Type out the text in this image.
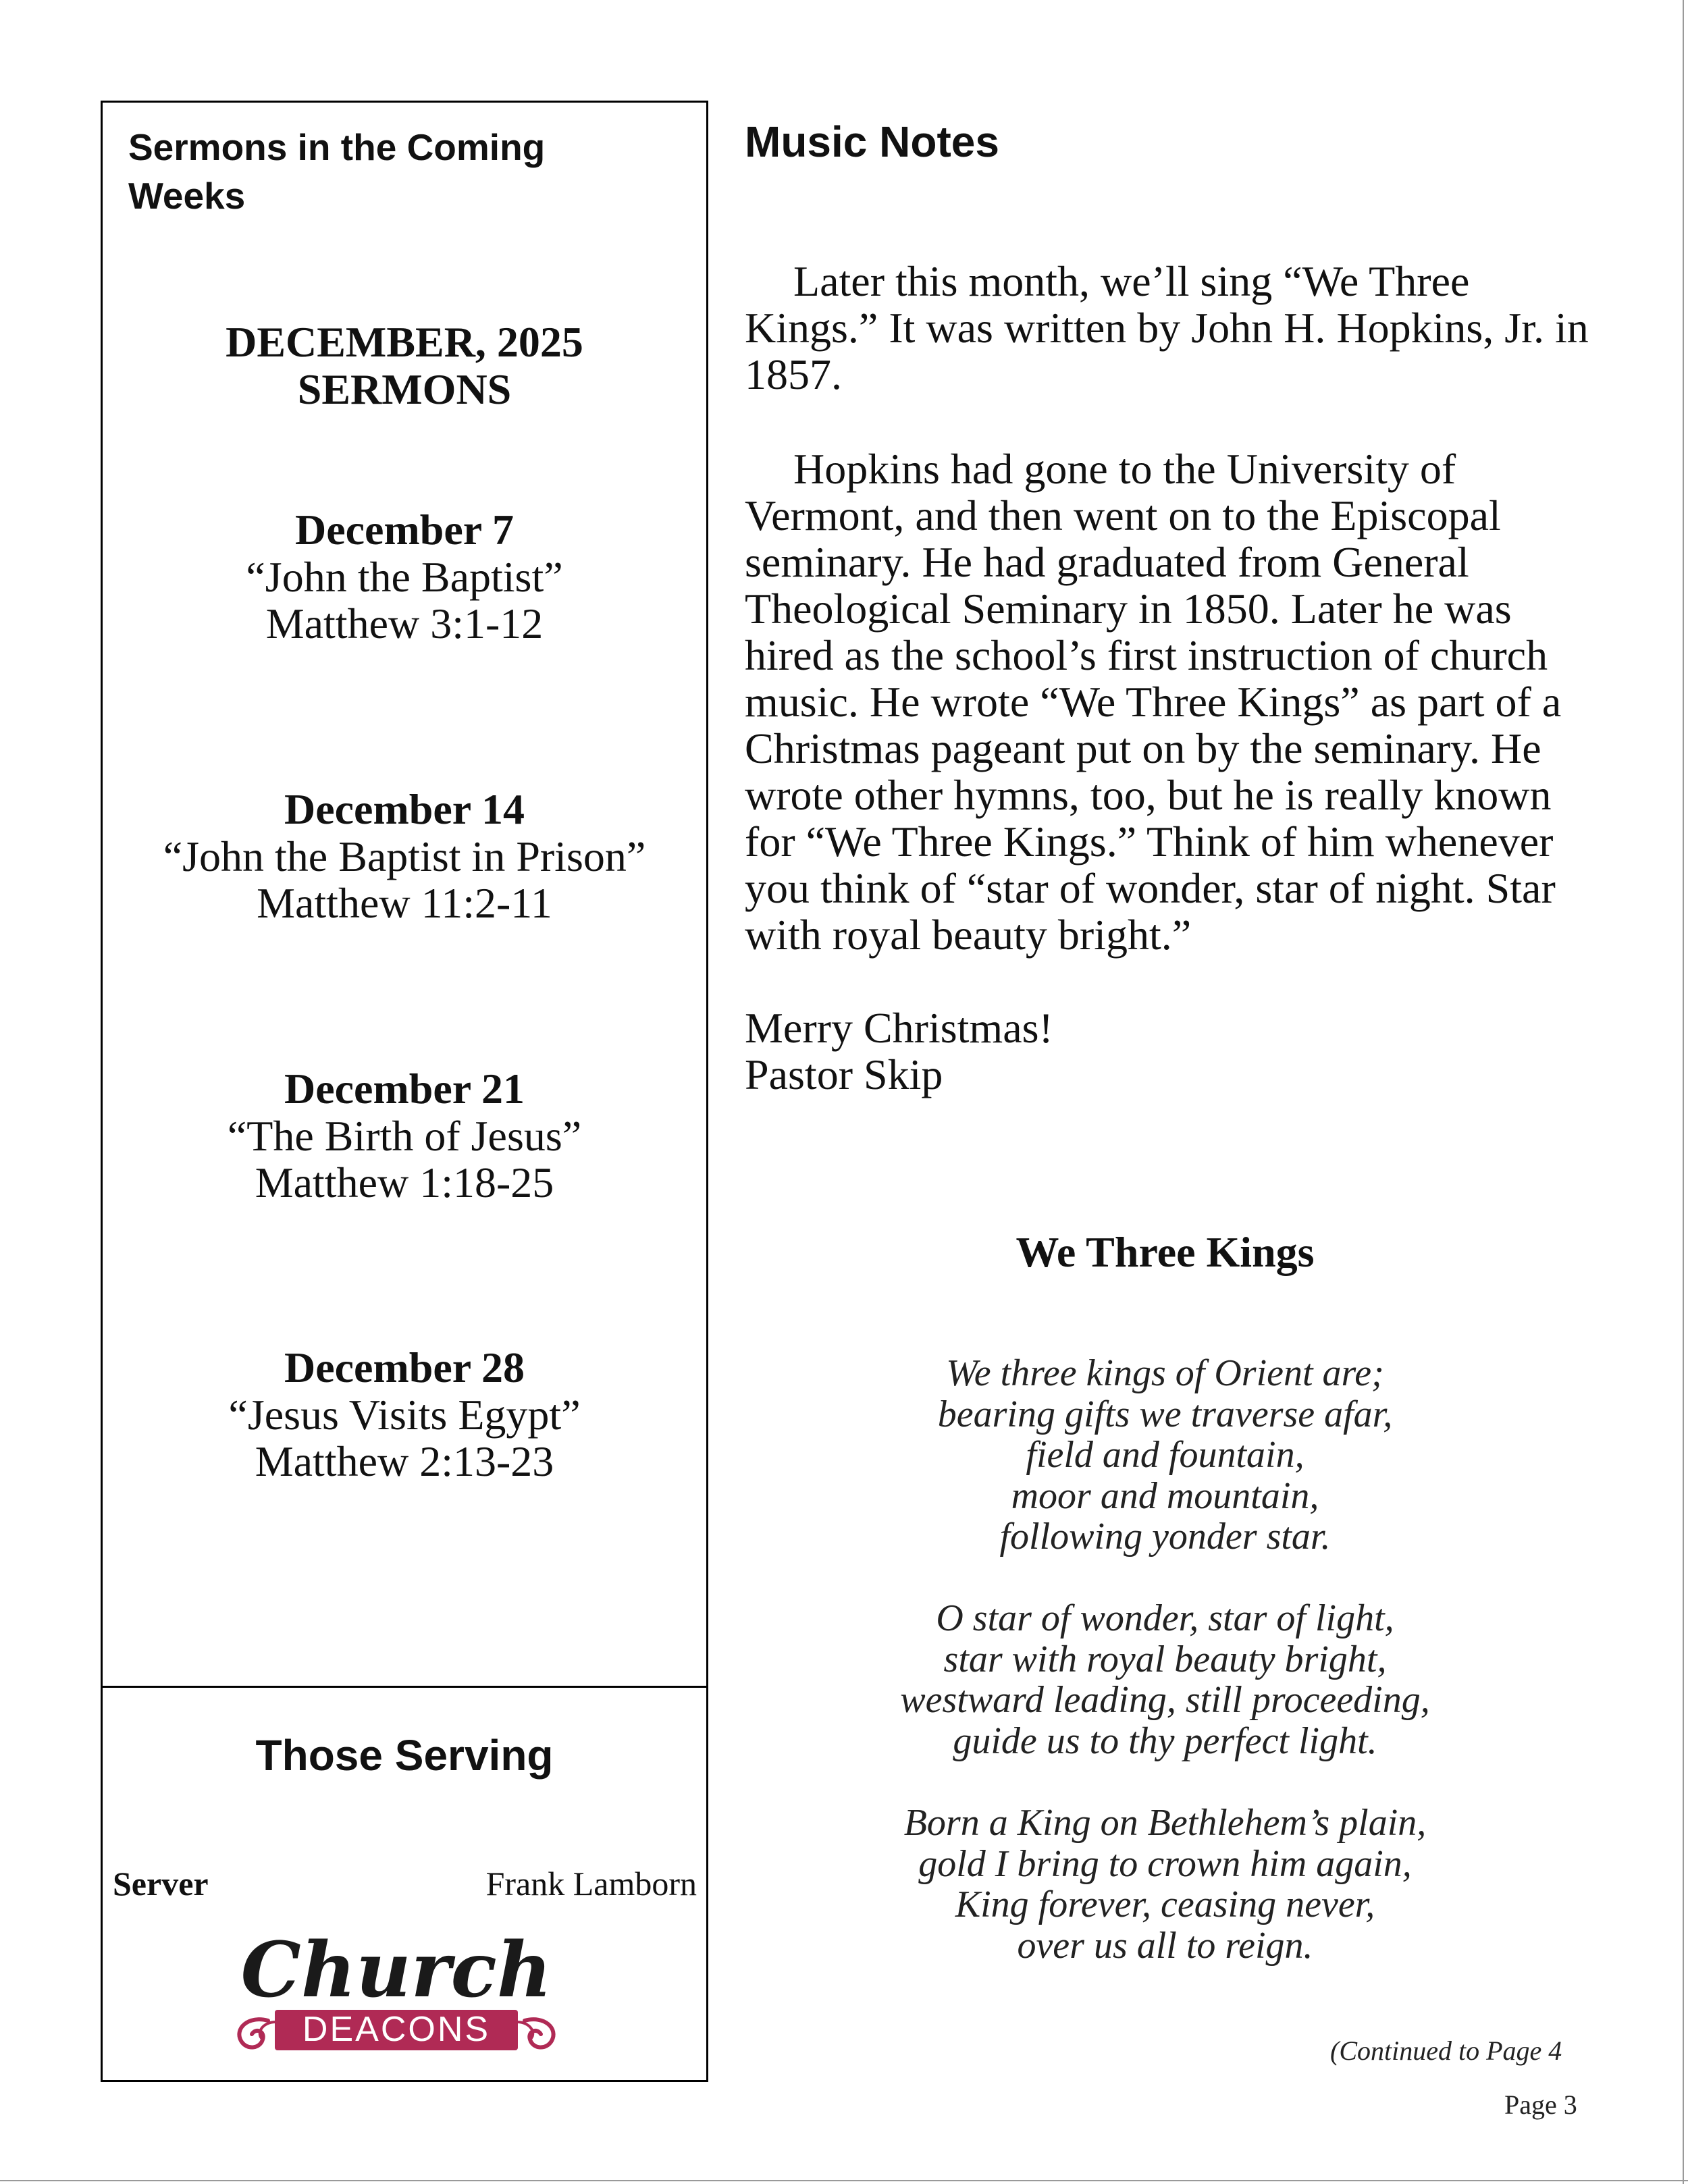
Sermons in the Coming Weeks
DECEMBER, 2025
SERMONS
December 7
“John the Baptist”
Matthew 3:1-12
December 14
“John the Baptist in Prison”
Matthew 11:2-11
December 21
“The Birth of Jesus”
Matthew 1:18-25
December 28
“Jesus Visits Egypt”
Matthew 2:13-23
Those Serving
Server	Frank Lamborn
DEACONS
Church
Music Notes
Later this month, we’ll sing “We Three Kings.” It was written by John H. Hopkins, Jr. in 1857.
Hopkins had gone to the University of Vermont, and then went on to the Episcopal seminary. He had graduated from General Theological Seminary in 1850. Later he was hired as the school’s first instruction of church music. He wrote “We Three Kings” as part of a Christmas pageant put on by the seminary. He wrote other hymns, too, but he is really known for “We Three Kings.” Think of him whenever you think of “star of wonder, star of night. Star with royal beauty bright.”
Merry Christmas!
Pastor Skip
We Three Kings
We three kings of Orient are;
bearing gifts we traverse afar,
field and fountain,
moor and mountain,
following yonder star.
O star of wonder, star of light,
star with royal beauty bright,
westward leading, still proceeding,
guide us to thy perfect light.
Born a King on Bethlehem’s plain,
gold I bring to crown him again,
King forever, ceasing never,
over us all to reign.
(Continued to Page 4
Page 3
